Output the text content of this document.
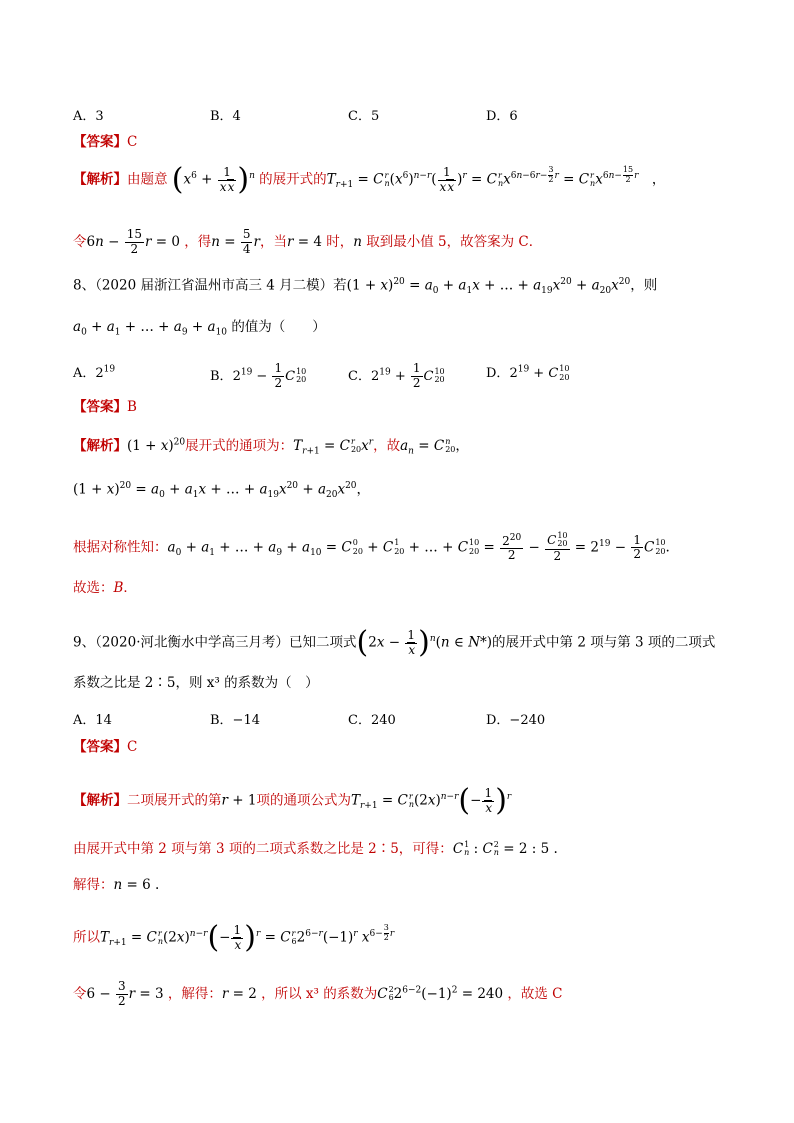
A．3	B．4	C．5	D．6
【答案】C
【解析】由题意 $(x^6 + \frac{1}{xx} )^n$ 的展开式的$T_{r+1} = C$ r
n $(x^6)^{n-r}( \frac{1}{xx} )^r = C$ r
n $x^{6n-6r- \frac{3}{2} r} = C$ r
n $x^{6n- \frac{15}{2} r}$　，
令$6n - \frac{15}{2}$ r = 0 ，得$n = \frac{5}{4}$ r，当r = 4 时，n 取到最小值 5，故答案为 C．
8、（2020 届浙江省温州市高三 4 月二模）若$(1 + x)^{20} = a_0 + a_1x$ + … + $a_{19}x^{20} + a_{20}x^{20}$，则
$a_0 + a_1$ + … + $a_9 + a_{10}$ 的值为（　　）
A．$2^{19}$	B．$2^{19} - \frac{1}{2}$ C 10
20	C．$2^{19} + \frac{1}{2}$ C 10
20	D．$2^{19} + C$ 10
20
【答案】B
【解析】$(1 + x)^{20}$展开式的通项为：$T_{r+1} = C$ r
20 $x^r$，故$a_n = C$ n
20 ，
$(1 + x)^{20} = a_0 + a_1x$ + … + $a_{19}x^{20} + a_{20}x^{20}$，
根据对称性知：$a_0 + a_1$ + … + $a_9 + a_{10} = C$ 0
20 + C 1
20 + … + C 10
$20 = \frac{2^{20}}{2} - C$ 10
20
$2 = 2^{19} - \frac{1}{2}$ C 10
20 .
故选：B．
9、（2020·河北衡水中学高三月考）已知二项式$(2x - \frac{1}{x} )^n(n$ ∈ N*)的展开式中第 2 项与第 3 项的二项式
系数之比是 2∶5，则 x³ 的系数为（　）
A．14	B．−14	C．240	D．−240
【答案】C
【解析】二项展开式的第r + 1项的通项公式为$T_{r+1} = C$ r
n $(2x)^{n-r}(- \frac{1}{x} )^r$
由展开式中第 2 项与第 3 项的二项式系数之比是 2∶5，可得：C 1
n : C 2
n = 2 : 5 .
解得：n = 6 .
所以$T_{r+1} = C$ r
n $(2x)^{n-r}(- \frac{1}{x} )^r = C$ r
6 $2^{6-r}(-1)^r$ $x^{6- \frac{3}{2} r}$
令$6 - \frac{3}{2}$ r = 3 ，解得：r = 2 ，所以 x³ 的系数为C 2
6 $2^{6-2}(-1)^2 = 240$ ，故选 C
